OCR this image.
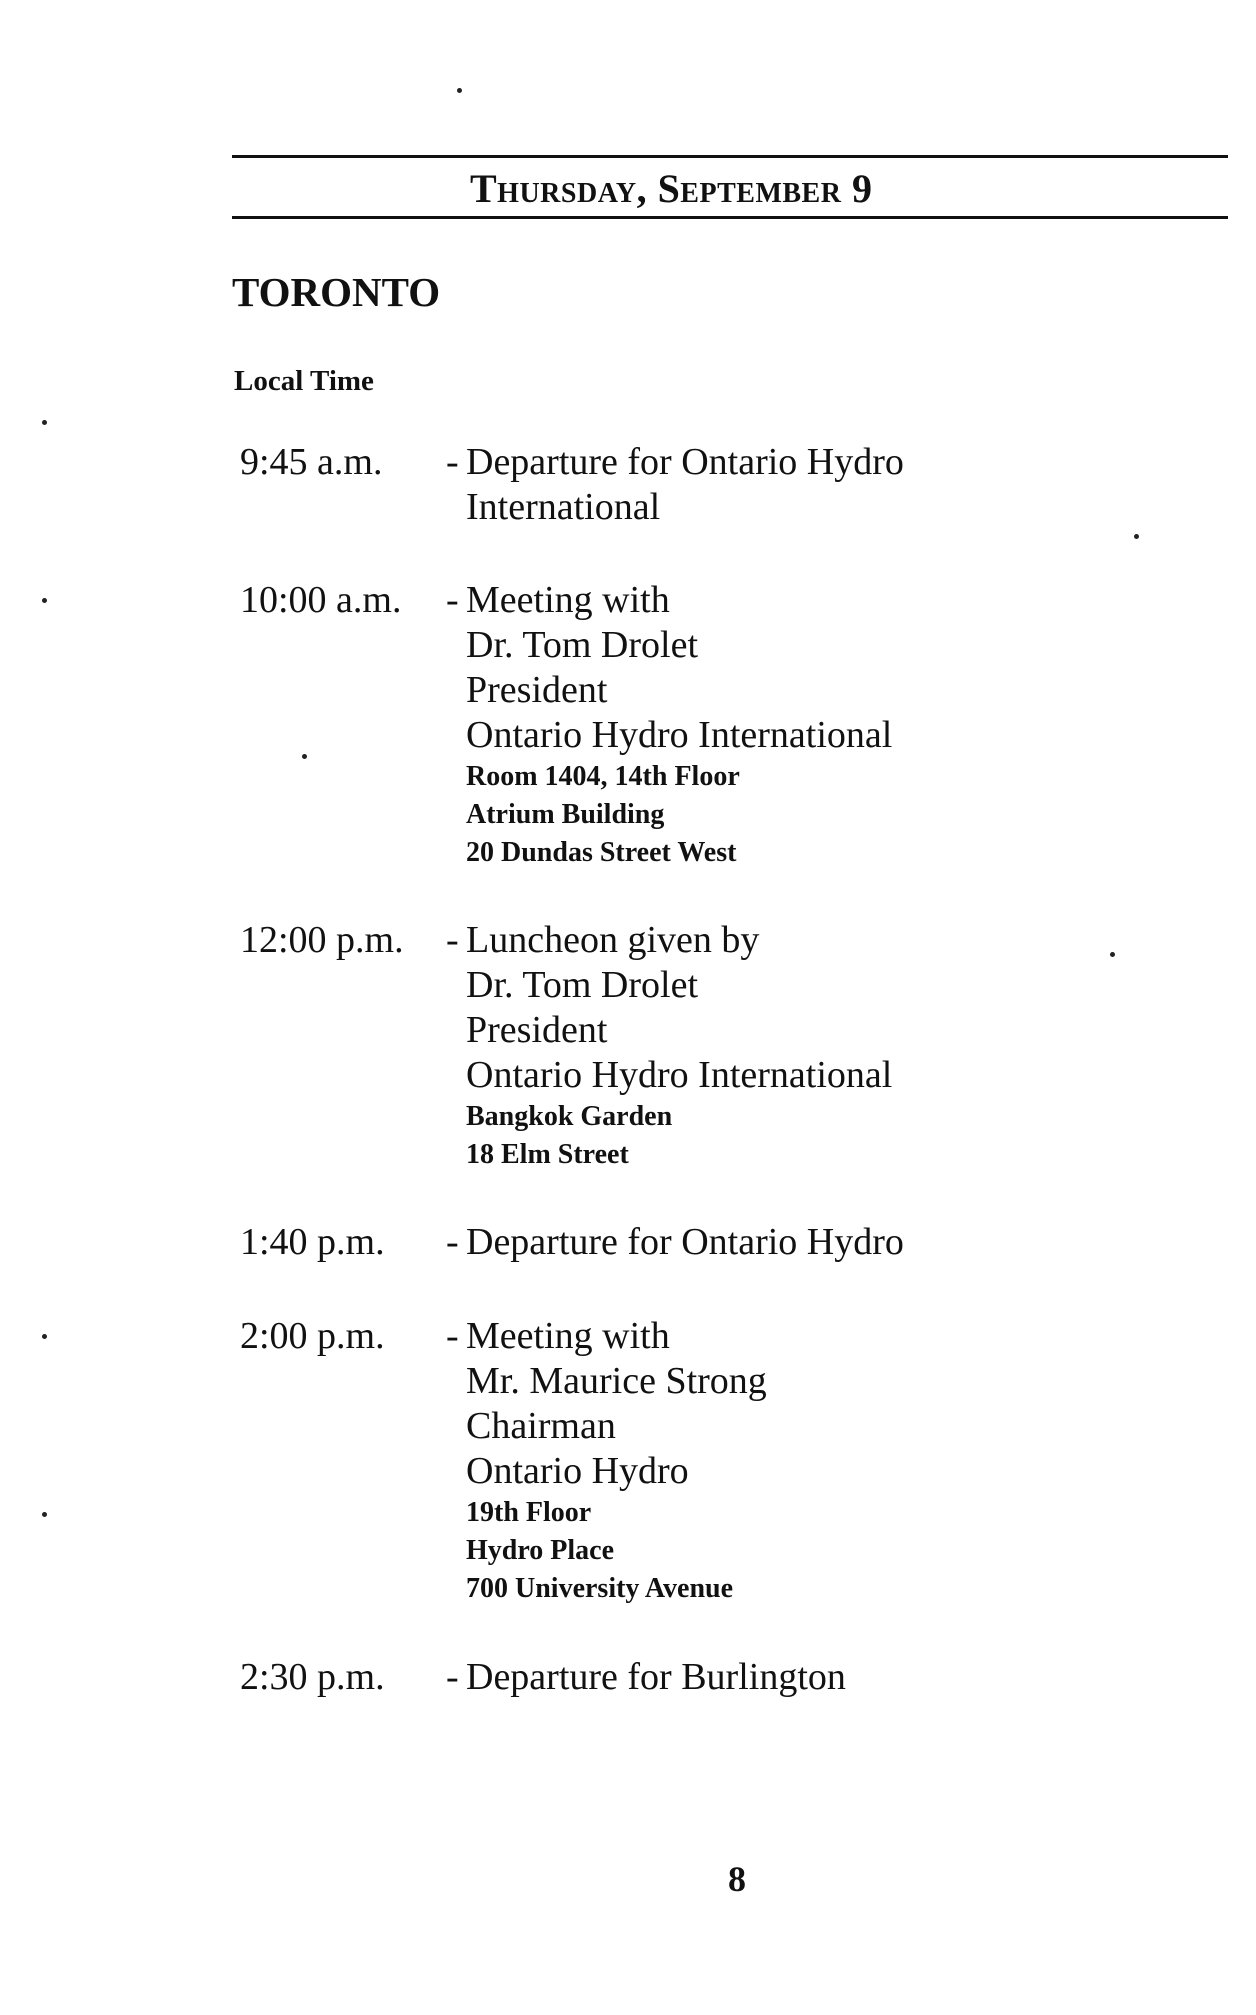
Thursday, September 9
TORONTO
Local Time
9:45 a.m.	- Departure for Ontario Hydro
International
10:00 a.m.	- Meeting with
Dr. Tom Drolet
President
Ontario Hydro International
Room 1404, 14th Floor
Atrium Building
20 Dundas Street West
12:00 p.m.	- Luncheon given by
Dr. Tom Drolet
President
Ontario Hydro International
Bangkok Garden
18 Elm Street
1:40 p.m.	- Departure for Ontario Hydro
2:00 p.m.	- Meeting with
Mr. Maurice Strong
Chairman
Ontario Hydro
19th Floor
Hydro Place
700 University Avenue
2:30 p.m.	- Departure for Burlington
8
